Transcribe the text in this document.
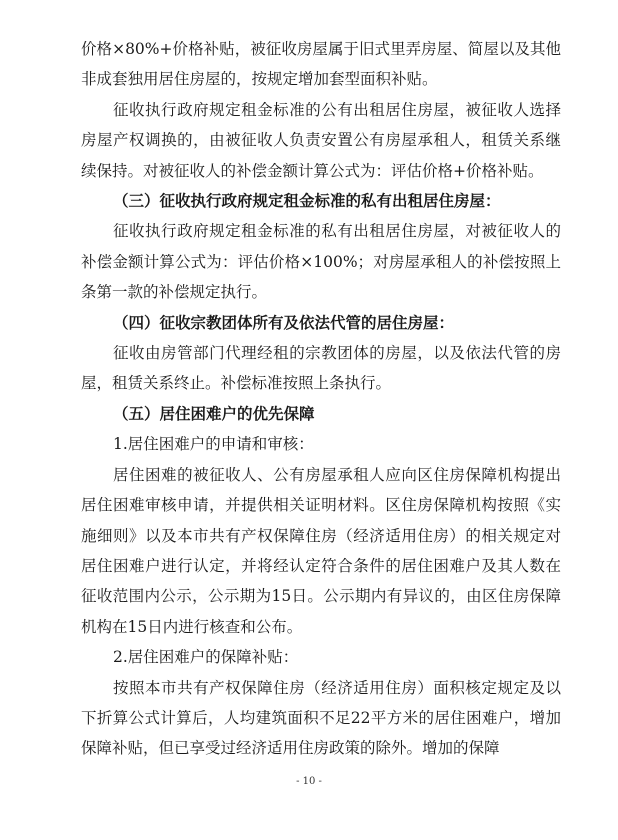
价格×80%+价格补贴，被征收房屋属于旧式里弄房屋、简屋以及其他非成套独用居住房屋的，按规定增加套型面积补贴。

征收执行政府规定租金标准的公有出租居住房屋，被征收人选择房屋产权调换的，由被征收人负责安置公有房屋承租人，租赁关系继续保持。对被征收人的补偿金额计算公式为：评估价格+价格补贴。

（三）征收执行政府规定租金标准的私有出租居住房屋：

征收执行政府规定租金标准的私有出租居住房屋，对被征收人的补偿金额计算公式为：评估价格×100%；对房屋承租人的补偿按照上条第一款的补偿规定执行。

（四）征收宗教团体所有及依法代管的居住房屋：

征收由房管部门代理经租的宗教团体的房屋，以及依法代管的房屋，租赁关系终止。补偿标准按照上条执行。

（五）居住困难户的优先保障

1.居住困难户的申请和审核：

居住困难的被征收人、公有房屋承租人应向区住房保障机构提出居住困难审核申请，并提供相关证明材料。区住房保障机构按照《实施细则》以及本市共有产权保障住房（经济适用住房）的相关规定对居住困难户进行认定，并将经认定符合条件的居住困难户及其人数在征收范围内公示，公示期为15日。公示期内有异议的，由区住房保障机构在15日内进行核查和公布。

2.居住困难户的保障补贴：

按照本市共有产权保障住房（经济适用住房）面积核定规定及以下折算公式计算后，人均建筑面积不足22平方米的居住困难户，增加保障补贴，但已享受过经济适用住房政策的除外。增加的保障

- 10 -
